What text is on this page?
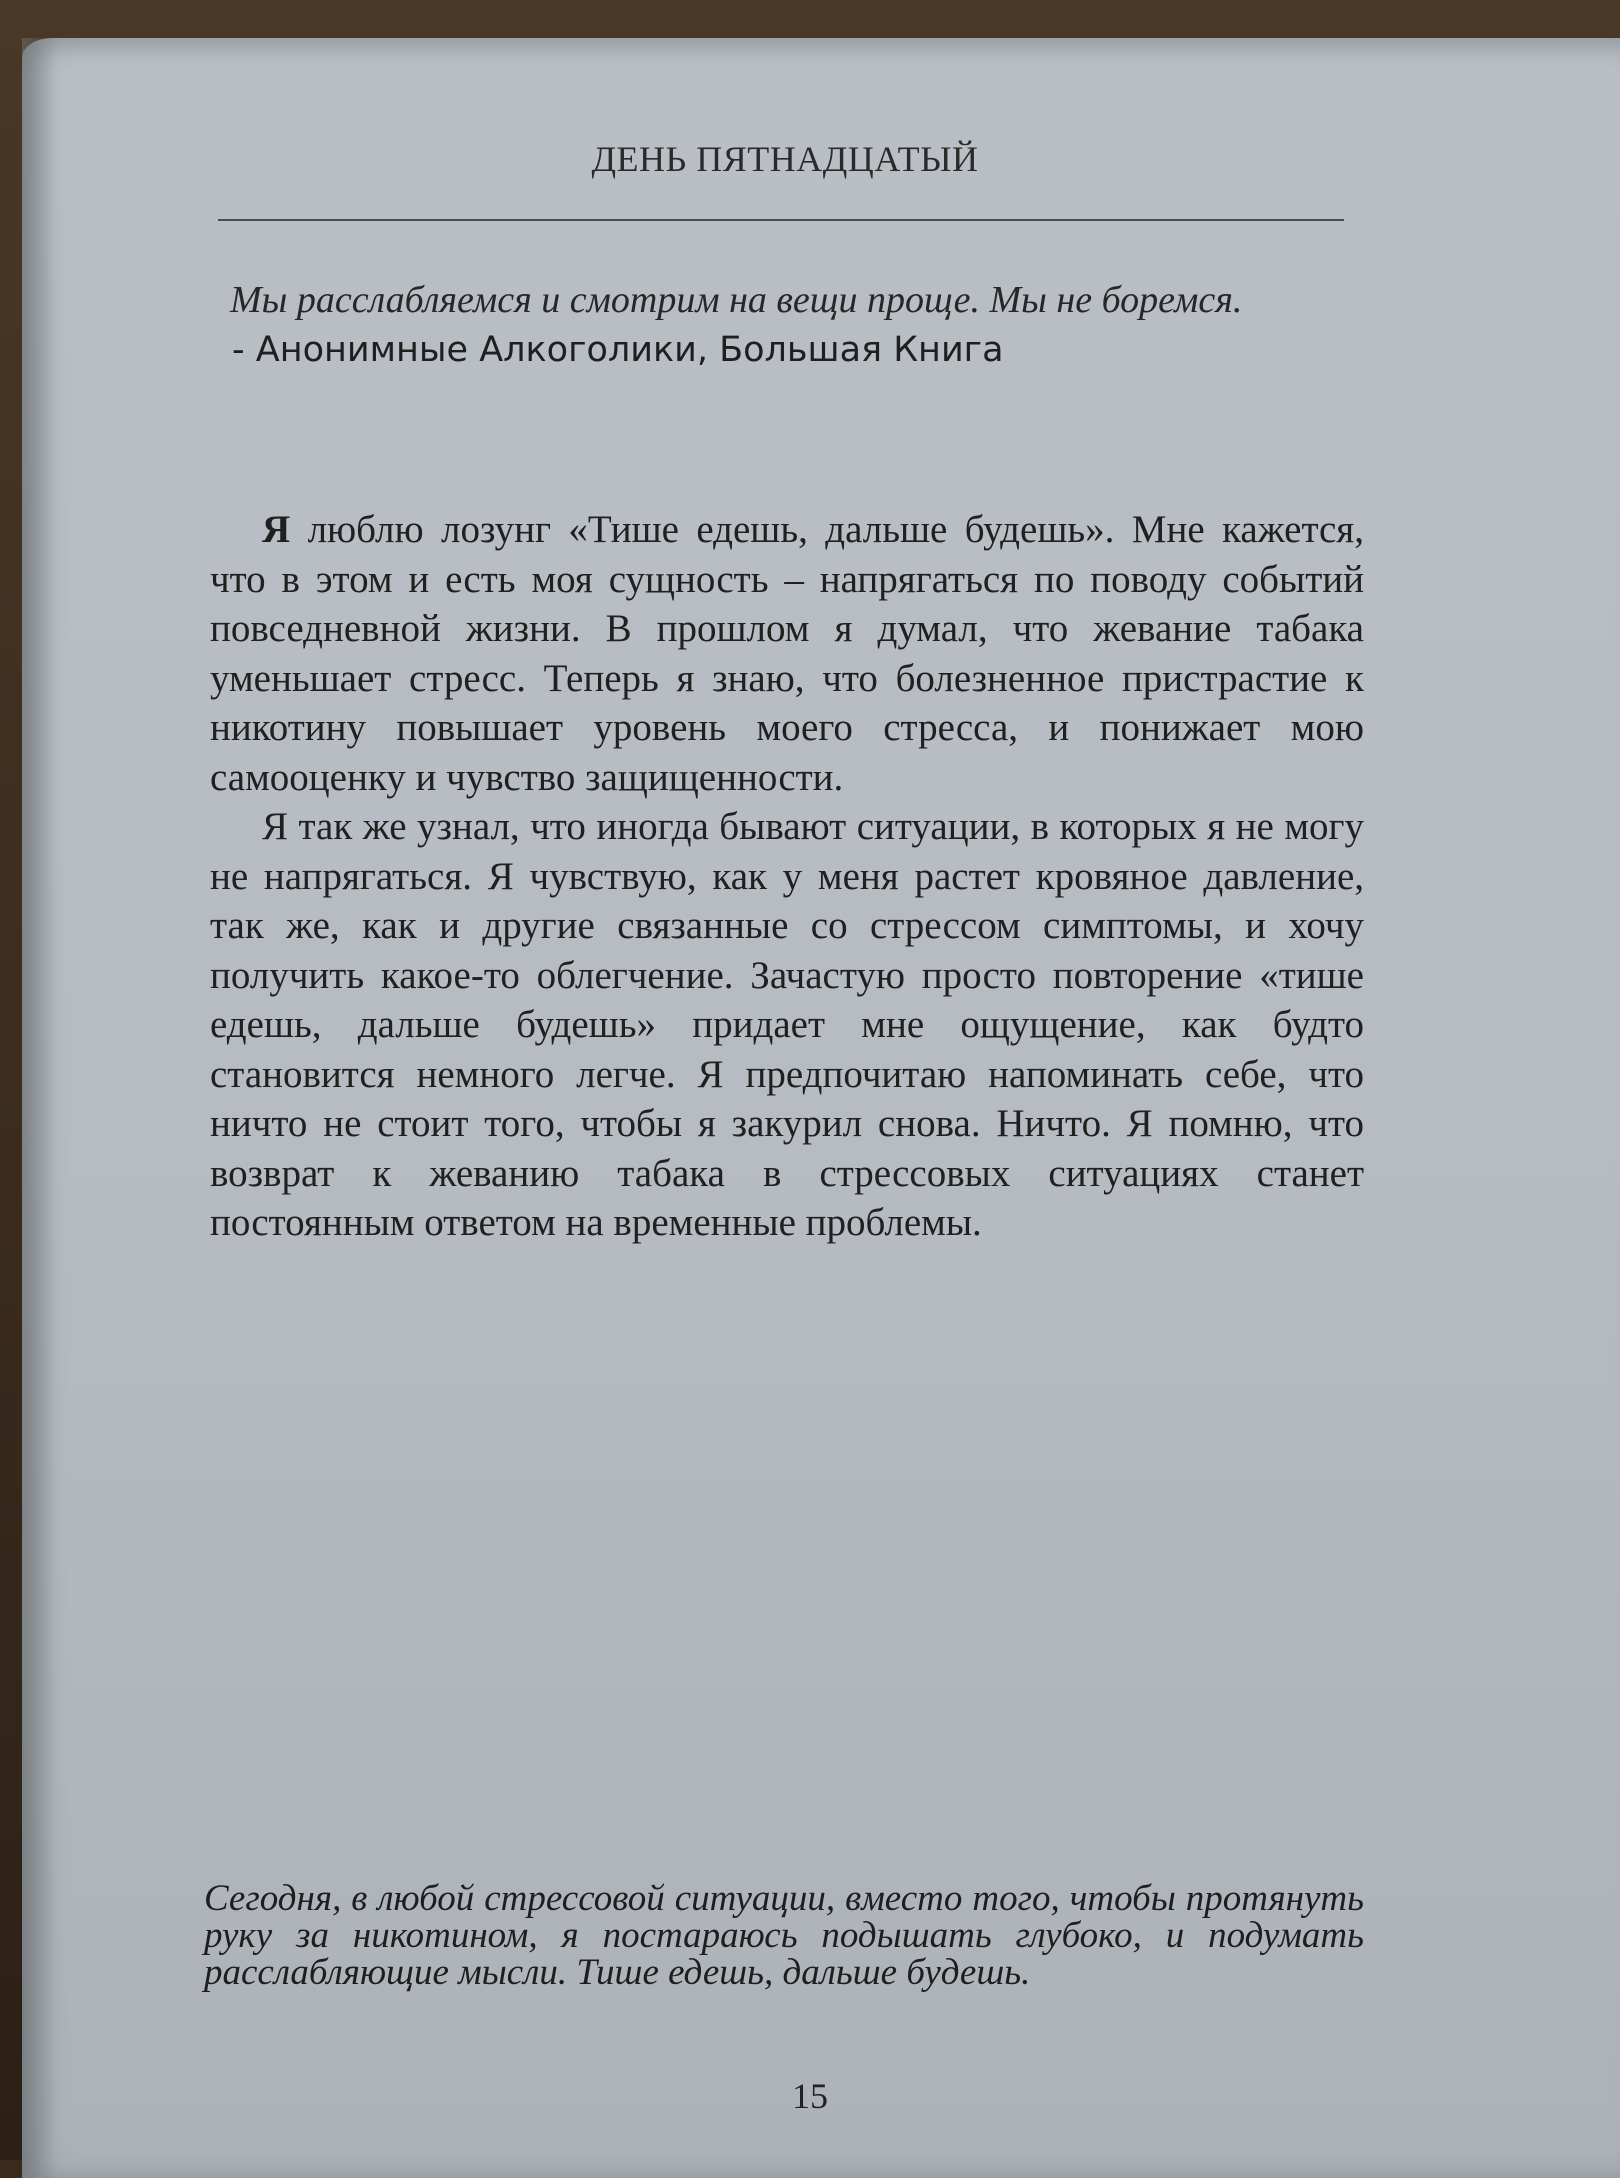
ДЕНЬ ПЯТНАДЦАТЫЙ
Мы расслабляемся и смотрим на вещи проще. Мы не боремся.
- Анонимные Алкоголики, Большая Книга

Я люблю лозунг «Тише едешь, дальше будешь». Мне кажется, что в этом и есть моя сущность – напрягаться по поводу событий повседневной жизни. В прошлом я думал, что жевание табака уменьшает стресс. Теперь я знаю, что болезненное пристрастие к никотину повышает уровень моего стресса, и понижает мою самооценку и чувство защищенности.

Я так же узнал, что иногда бывают ситуации, в которых я не могу не напрягаться. Я чувствую, как у меня растет кровяное давление, так же, как и другие связанные со стрессом симптомы, и хочу получить какое-то облегчение. Зачастую просто повторение «тише едешь, дальше будешь» придает мне ощущение, как будто становится немного легче. Я предпочитаю напоминать себе, что ничто не стоит того, чтобы я закурил снова. Ничто. Я помню, что возврат к жеванию табака в стрессовых ситуациях станет постоянным ответом на временные проблемы.

Сегодня, в любой стрессовой ситуации, вместо того, чтобы протянуть руку за никотином, я постараюсь подышать глубоко, и подумать расслабляющие мысли. Тише едешь, дальше будешь.
15
